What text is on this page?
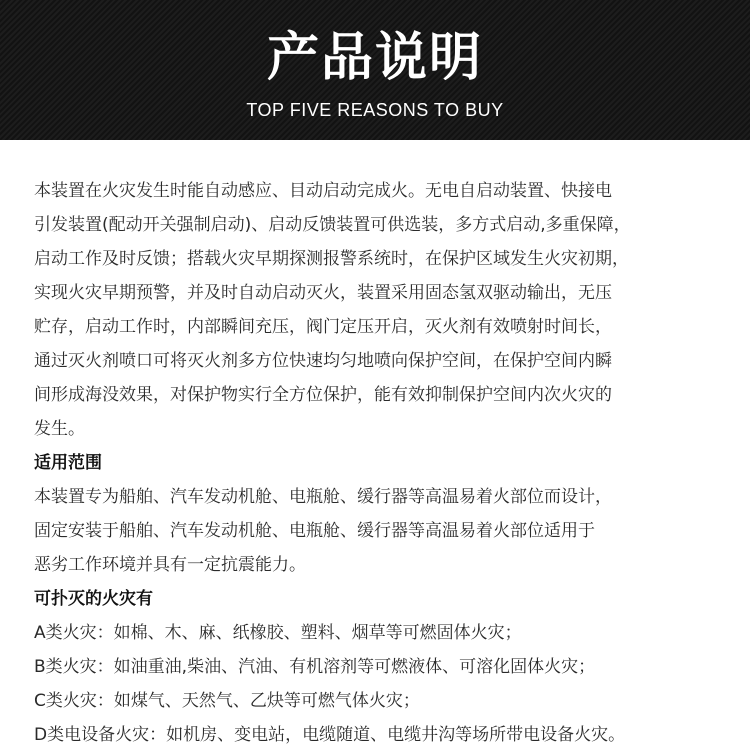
产品说明
TOP FIVE REASONS TO BUY
本装置在火灾发生时能自动感应、目动启动完成火。无电自启动装置、快接电
引发装置(配动开关强制启动)、启动反馈装置可供选装，多方式启动,多重保障，
启动工作及时反馈；搭载火灾早期探测报警系统时，在保护区域发生火灾初期，
实现火灾早期预警，并及时自动启动灭火，装置采用固态氢双驱动输出，无压
贮存，启动工作时，内部瞬间充压，阀门定压开启，灭火剂有效喷射时间长，
通过灭火剂喷口可将灭火剂多方位快速均匀地喷向保护空间，在保护空间内瞬
间形成海没效果，对保护物实行全方位保护，能有效抑制保护空间内次火灾的
发生。
适用范围
本装置专为船舶、汽车发动机舱、电瓶舱、缓行器等高温易着火部位而设计，
固定安装于船舶、汽车发动机舱、电瓶舱、缓行器等高温易着火部位适用于
恶劣工作环境并具有一定抗震能力。
可扑灭的火灾有
A类火灾：如棉、木、麻、纸橡胶、塑料、烟草等可燃固体火灾；
B类火灾：如油重油,柴油、汽油、有机溶剂等可燃液体、可溶化固体火灾；
C类火灾：如煤气、天然气、乙炔等可燃气体火灾；
D类电设备火灾：如机房、变电站，电缆随道、电缆井沟等场所带电设备火灾。
